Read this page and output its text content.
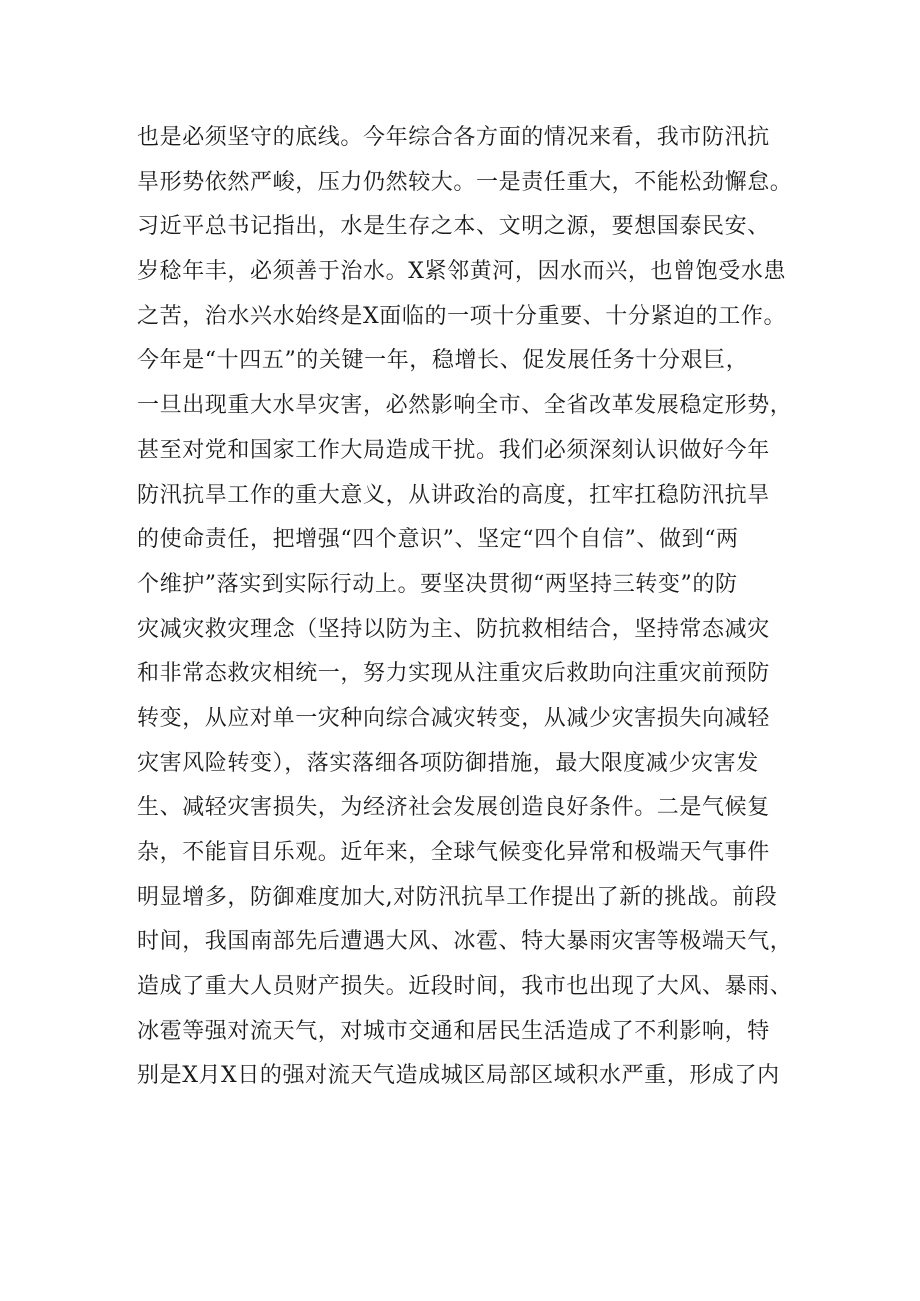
也是必须坚守的底线。今年综合各方面的情况来看，我市防汛抗
旱形势依然严峻，压力仍然较大。一是责任重大，不能松劲懈怠。
习近平总书记指出，水是生存之本、文明之源，要想国泰民安、
岁稔年丰，必须善于治水。X紧邻黄河，因水而兴，也曾饱受水患
之苦，治水兴水始终是X面临的一项十分重要、十分紧迫的工作。
今年是“十四五”的关键一年，稳增长、促发展任务十分艰巨，
一旦出现重大水旱灾害，必然影响全市、全省改革发展稳定形势，
甚至对党和国家工作大局造成干扰。我们必须深刻认识做好今年
防汛抗旱工作的重大意义，从讲政治的高度，扛牢扛稳防汛抗旱
的使命责任，把增强“四个意识”、坚定“四个自信”、做到“两
个维护”落实到实际行动上。要坚决贯彻“两坚持三转变”的防
灾减灾救灾理念（坚持以防为主、防抗救相结合，坚持常态减灾
和非常态救灾相统一，努力实现从注重灾后救助向注重灾前预防
转变，从应对单一灾种向综合减灾转变，从减少灾害损失向减轻
灾害风险转变），落实落细各项防御措施，最大限度减少灾害发
生、减轻灾害损失，为经济社会发展创造良好条件。二是气候复
杂，不能盲目乐观。近年来，全球气候变化异常和极端天气事件
明显增多，防御难度加大,对防汛抗旱工作提出了新的挑战。前段
时间，我国南部先后遭遇大风、冰雹、特大暴雨灾害等极端天气，
造成了重大人员财产损失。近段时间，我市也出现了大风、暴雨、
冰雹等强对流天气，对城市交通和居民生活造成了不利影响，特
别是X月X日的强对流天气造成城区局部区域积水严重，形成了内
